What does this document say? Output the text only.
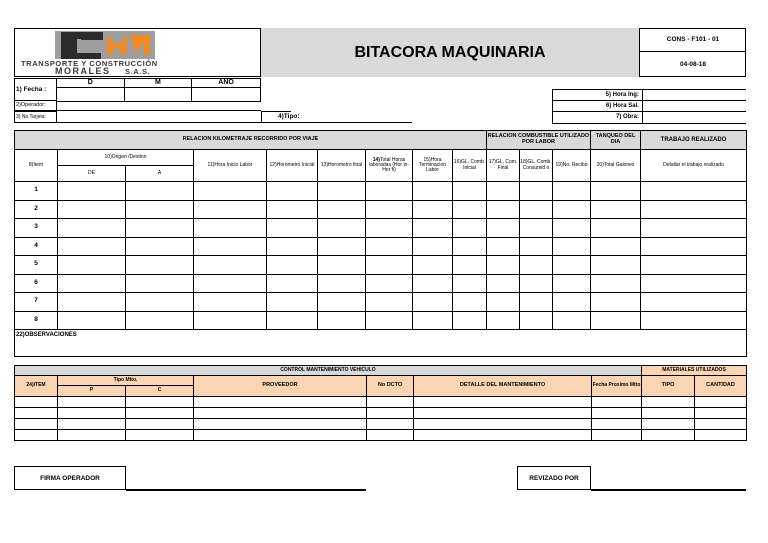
TRANSPORTE Y CONSTRUCCIÓN
MORALES S.A.S.
BITACORA MAQUINARIA
CONS - F101 - 01
04-08-18
D	M	AÑO

1) Fecha :
2)Operador:
3) No Tarjeta:	4)Tipo:
5) Hora Ing:	
6) Hora Sal.	
7) Obra:	
RELACION KILOMETRAJE RECORRIDO POR VIAJE									RELACION COMBUSTIBLE UTILIZADO POR LABOR			TANQUEO DEL DIA	TRABAJO REALIZADO
8)Item	10)Origen /Destino		11)Hora Inicio Labor	12)Horometro Inicial	13)Horometro final	14)Total Horas laboradas (Hor in- Hor fi)	15)Hora Terminacion Labor	16)GL. Comb. Inicial	17)GL. Com. Final	18)GL. Comb. Consumid o	19)No. Recibo	20)Total Galones	Detallar el trabajo realizado
	DE	A											
1													
2													
3													
4													
5													
6													
7													
8													
22)OBSERVACIONES													
CONTROL MANTENIMIENTO VEHICULO							MATERIALES UTILIZADOS	
24)ITEM	Tipo Mtto.		PROVEEDOR	No DCTO	DETALLE DEL MANTENIMIENTO	Fecha Proximo Mtto	TIPO	CANTIDAD
	P	C						

FIRMA OPERADOR	REVIZADO POR
